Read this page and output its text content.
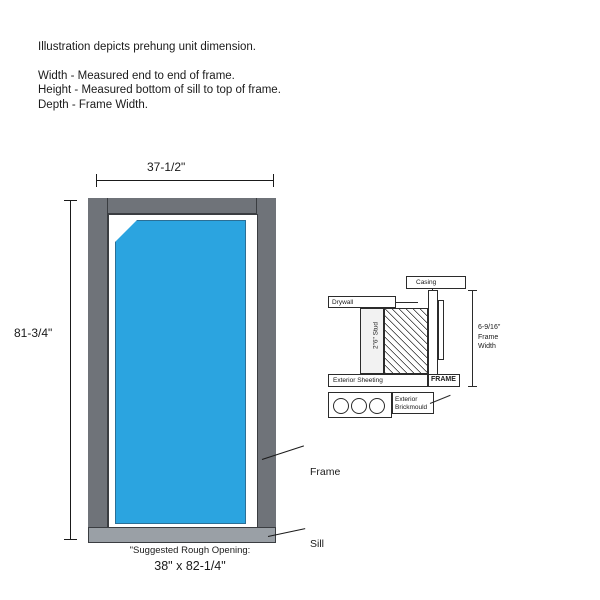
Illustration depicts prehung unit dimension.
Width - Measured end to end of frame.
Height - Measured bottom of sill to top of frame.
Depth - Frame Width.
37-1/2"
81-3/4"
Frame
Sill
"Suggested Rough Opening:
38" x 82-1/4"
Casing
Drywall
2"6" Stud
Exterior Sheeting	FRAME
Exterior
Brickmould
6-9/16"
Frame
Width
